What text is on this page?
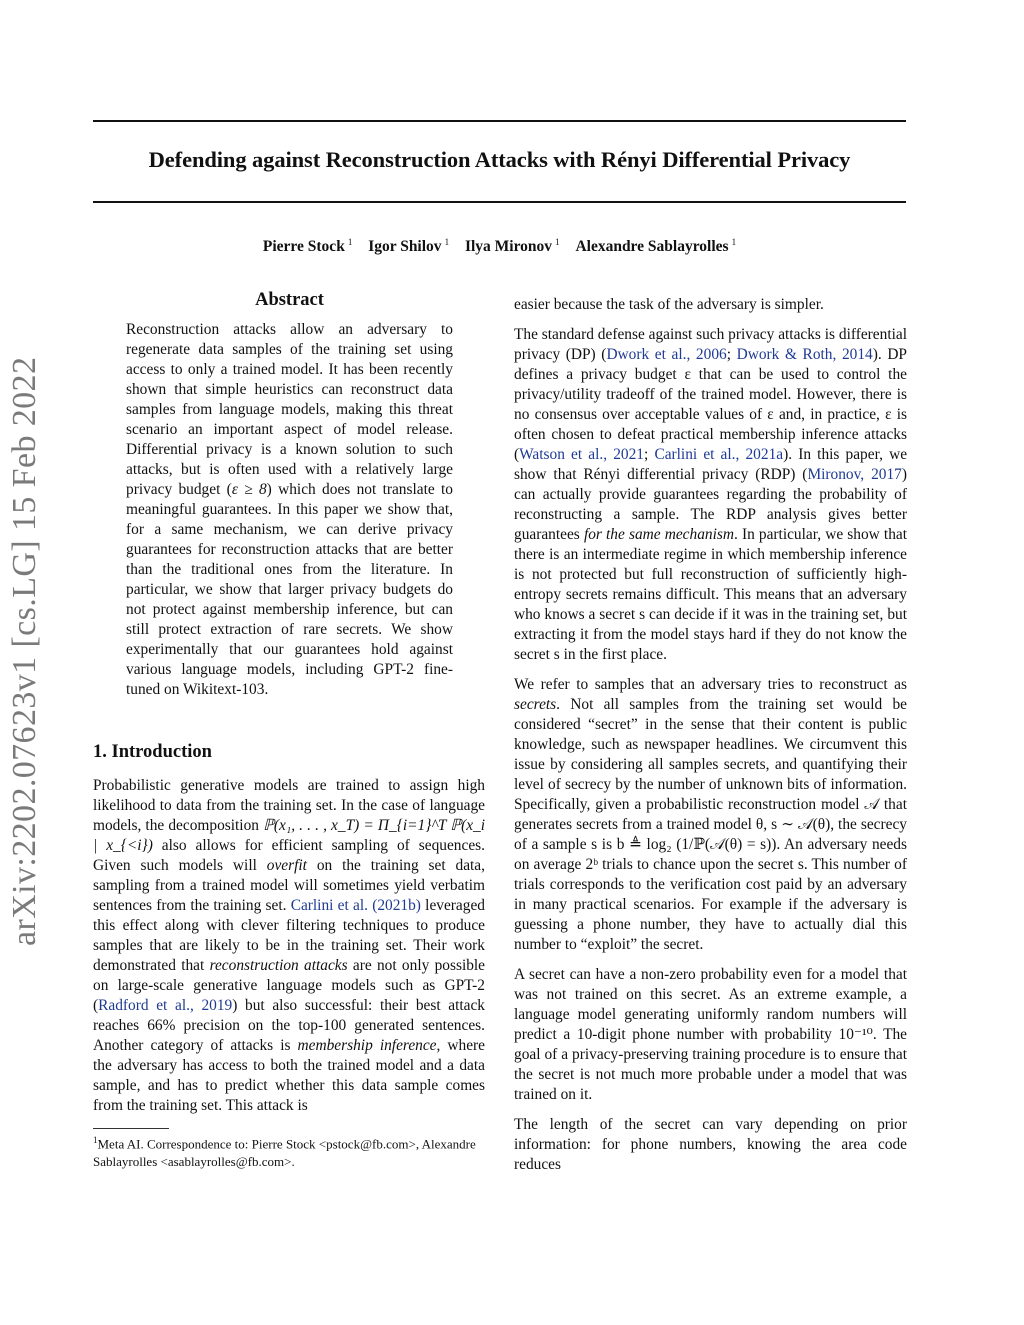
Defending against Reconstruction Attacks with Rényi Differential Privacy
Pierre Stock $^1$ Igor Shilov $^1$ Ilya Mironov $^1$ Alexandre Sablayrolles $^1$
arXiv:2202.07623v1 [cs.LG] 15 Feb 2022
Abstract

Reconstruction attacks allow an adversary to regenerate data samples of the training set using access to only a trained model. It has been recently shown that simple heuristics can reconstruct data samples from language models, making this threat scenario an important aspect of model release. Differential privacy is a known solution to such attacks, but is often used with a relatively large privacy budget (ε ≥ 8) which does not translate to meaningful guarantees. In this paper we show that, for a same mechanism, we can derive privacy guarantees for reconstruction attacks that are better than the traditional ones from the literature. In particular, we show that larger privacy budgets do not protect against membership inference, but can still protect extraction of rare secrets. We show experimentally that our guarantees hold against various language models, including GPT-2 fine-tuned on Wikitext-103.

1. Introduction

Probabilistic generative models are trained to assign high likelihood to data from the training set. In the case of language models, the decomposition ℙ(x₁, . . . , x_T) = Π_{i=1}^T ℙ(x_i | x_{<i}) also allows for efficient sampling of sequences. Given such models will overfit on the training set data, sampling from a trained model will sometimes yield verbatim sentences from the training set. Carlini et al. (2021b) leveraged this effect along with clever filtering techniques to produce samples that are likely to be in the training set. Their work demonstrated that reconstruction attacks are not only possible on large-scale generative language models such as GPT-2 (Radford et al., 2019) but also successful: their best attack reaches 66% precision on the top-100 generated sentences. Another category of attacks is membership inference, where the adversary has access to both the trained model and a data sample, and has to predict whether this data sample comes from the training set. This attack is

easier because the task of the adversary is simpler.

The standard defense against such privacy attacks is differential privacy (DP) (Dwork et al., 2006; Dwork & Roth, 2014). DP defines a privacy budget ε that can be used to control the privacy/utility tradeoff of the trained model. However, there is no consensus over acceptable values of ε and, in practice, ε is often chosen to defeat practical membership inference attacks (Watson et al., 2021; Carlini et al., 2021a). In this paper, we show that Rényi differential privacy (RDP) (Mironov, 2017) can actually provide guarantees regarding the probability of reconstructing a sample. The RDP analysis gives better guarantees for the same mechanism. In particular, we show that there is an intermediate regime in which membership inference is not protected but full reconstruction of sufficiently high-entropy secrets remains difficult. This means that an adversary who knows a secret s can decide if it was in the training set, but extracting it from the model stays hard if they do not know the secret s in the first place.

We refer to samples that an adversary tries to reconstruct as secrets. Not all samples from the training set would be considered “secret” in the sense that their content is public knowledge, such as newspaper headlines. We circumvent this issue by considering all samples secrets, and quantifying their level of secrecy by the number of unknown bits of information. Specifically, given a probabilistic reconstruction model 𝒜 that generates secrets from a trained model θ, s ∼ 𝒜(θ), the secrecy of a sample s is b ≜ log₂ (1/ℙ(𝒜(θ) = s)). An adversary needs on average 2ᵇ trials to chance upon the secret s. This number of trials corresponds to the verification cost paid by an adversary in many practical scenarios. For example if the adversary is guessing a phone number, they have to actually dial this number to “exploit” the secret.

A secret can have a non-zero probability even for a model that was not trained on this secret. As an extreme example, a language model generating uniformly random numbers will predict a 10-digit phone number with probability 10⁻¹⁰. The goal of a privacy-preserving training procedure is to ensure that the secret is not much more probable under a model that was trained on it.

The length of the secret can vary depending on prior information: for phone numbers, knowing the area code reduces

$^1$Meta AI. Correspondence to: Pierre Stock <pstock@fb.com>, Alexandre Sablayrolles <asablayrolles@fb.com>.
